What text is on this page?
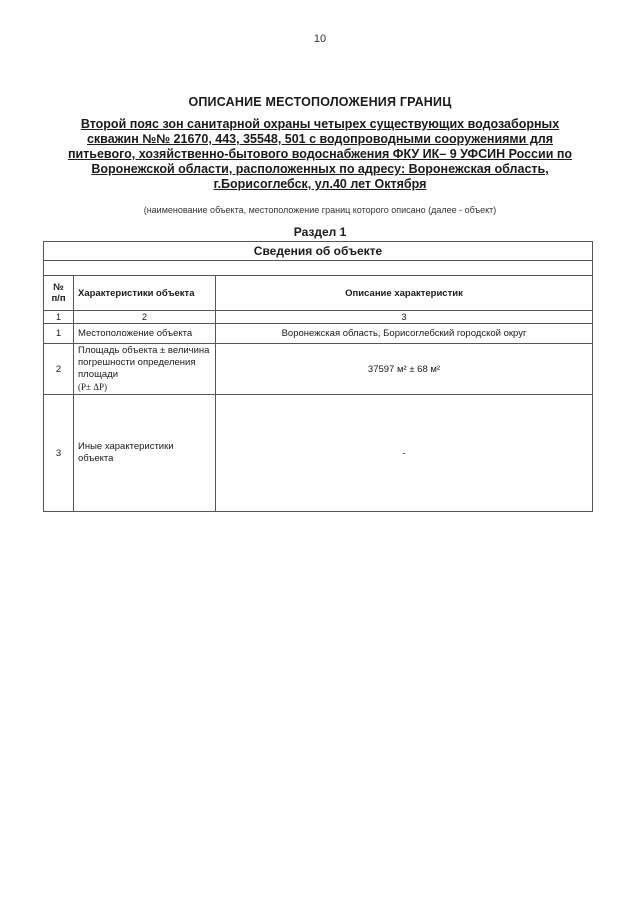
10
ОПИСАНИЕ МЕСТОПОЛОЖЕНИЯ ГРАНИЦ
Второй пояс зон санитарной охраны четырех существующих водозаборных
скважин №№ 21670, 443, 35548, 501 с водопроводными сооружениями для
питьевого, хозяйственно-бытового водоснабжения ФКУ ИК– 9 УФСИН России по
Воронежской области, расположенных по адресу: Воронежская область,
г.Борисоглебск, ул.40 лет Октября
(наименование объекта, местоположение границ которого описано (далее - объект)
Раздел 1
Сведения об объекте		

№ п/п	Характеристики объекта	Описание характеристик
1	2	3
1	Местоположение объекта	Воронежская область, Борисоглебский городской округ
2	Площадь объекта ± величина погрешности определения площади
(P± ΔP)	37597 м² ± 68 м²
3	Иные характеристики объекта	-
